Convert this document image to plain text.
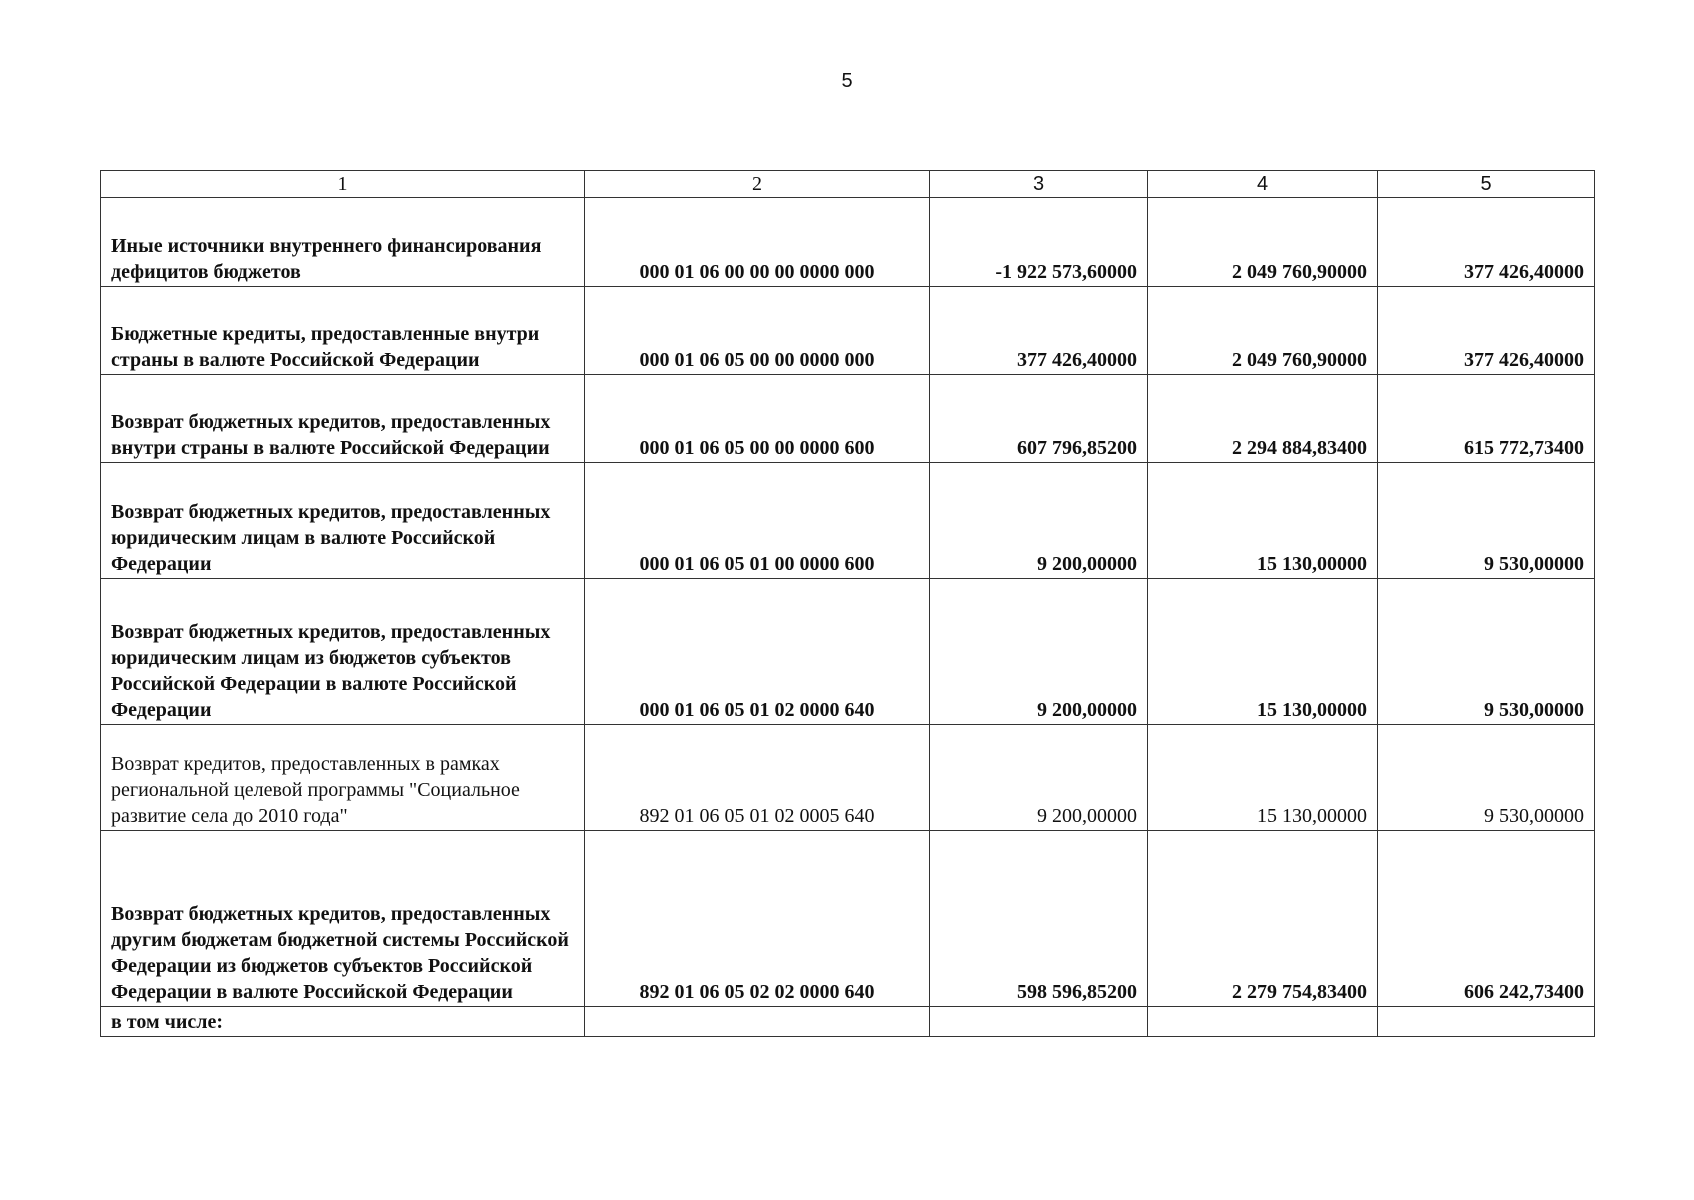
5
1	2	3	4	5
Иные источники внутреннего финансирования дефицитов бюджетов	000 01 06 00 00 00 0000 000	-1 922 573,60000	2 049 760,90000	377 426,40000
Бюджетные кредиты, предоставленные внутри страны в валюте Российской Федерации	000 01 06 05 00 00 0000 000	377 426,40000	2 049 760,90000	377 426,40000
Возврат бюджетных кредитов, предоставленных внутри страны в валюте Российской Федерации	000 01 06 05 00 00 0000 600	607 796,85200	2 294 884,83400	615 772,73400
Возврат бюджетных кредитов, предоставленных юридическим лицам в валюте Российской Федерации	000 01 06 05 01 00 0000 600	9 200,00000	15 130,00000	9 530,00000
Возврат бюджетных кредитов, предоставленных юридическим лицам из бюджетов субъектов Российской Федерации в валюте Российской Федерации	000 01 06 05 01 02 0000 640	9 200,00000	15 130,00000	9 530,00000
Возврат кредитов, предоставленных в рамках региональной целевой программы "Социальное развитие села до 2010 года"	892 01 06 05 01 02 0005 640	9 200,00000	15 130,00000	9 530,00000
Возврат бюджетных кредитов, предоставленных другим бюджетам бюджетной системы Российской Федерации из бюджетов субъектов Российской Федерации в валюте Российской Федерации	892 01 06 05 02 02 0000 640	598 596,85200	2 279 754,83400	606 242,73400
в том числе:				
